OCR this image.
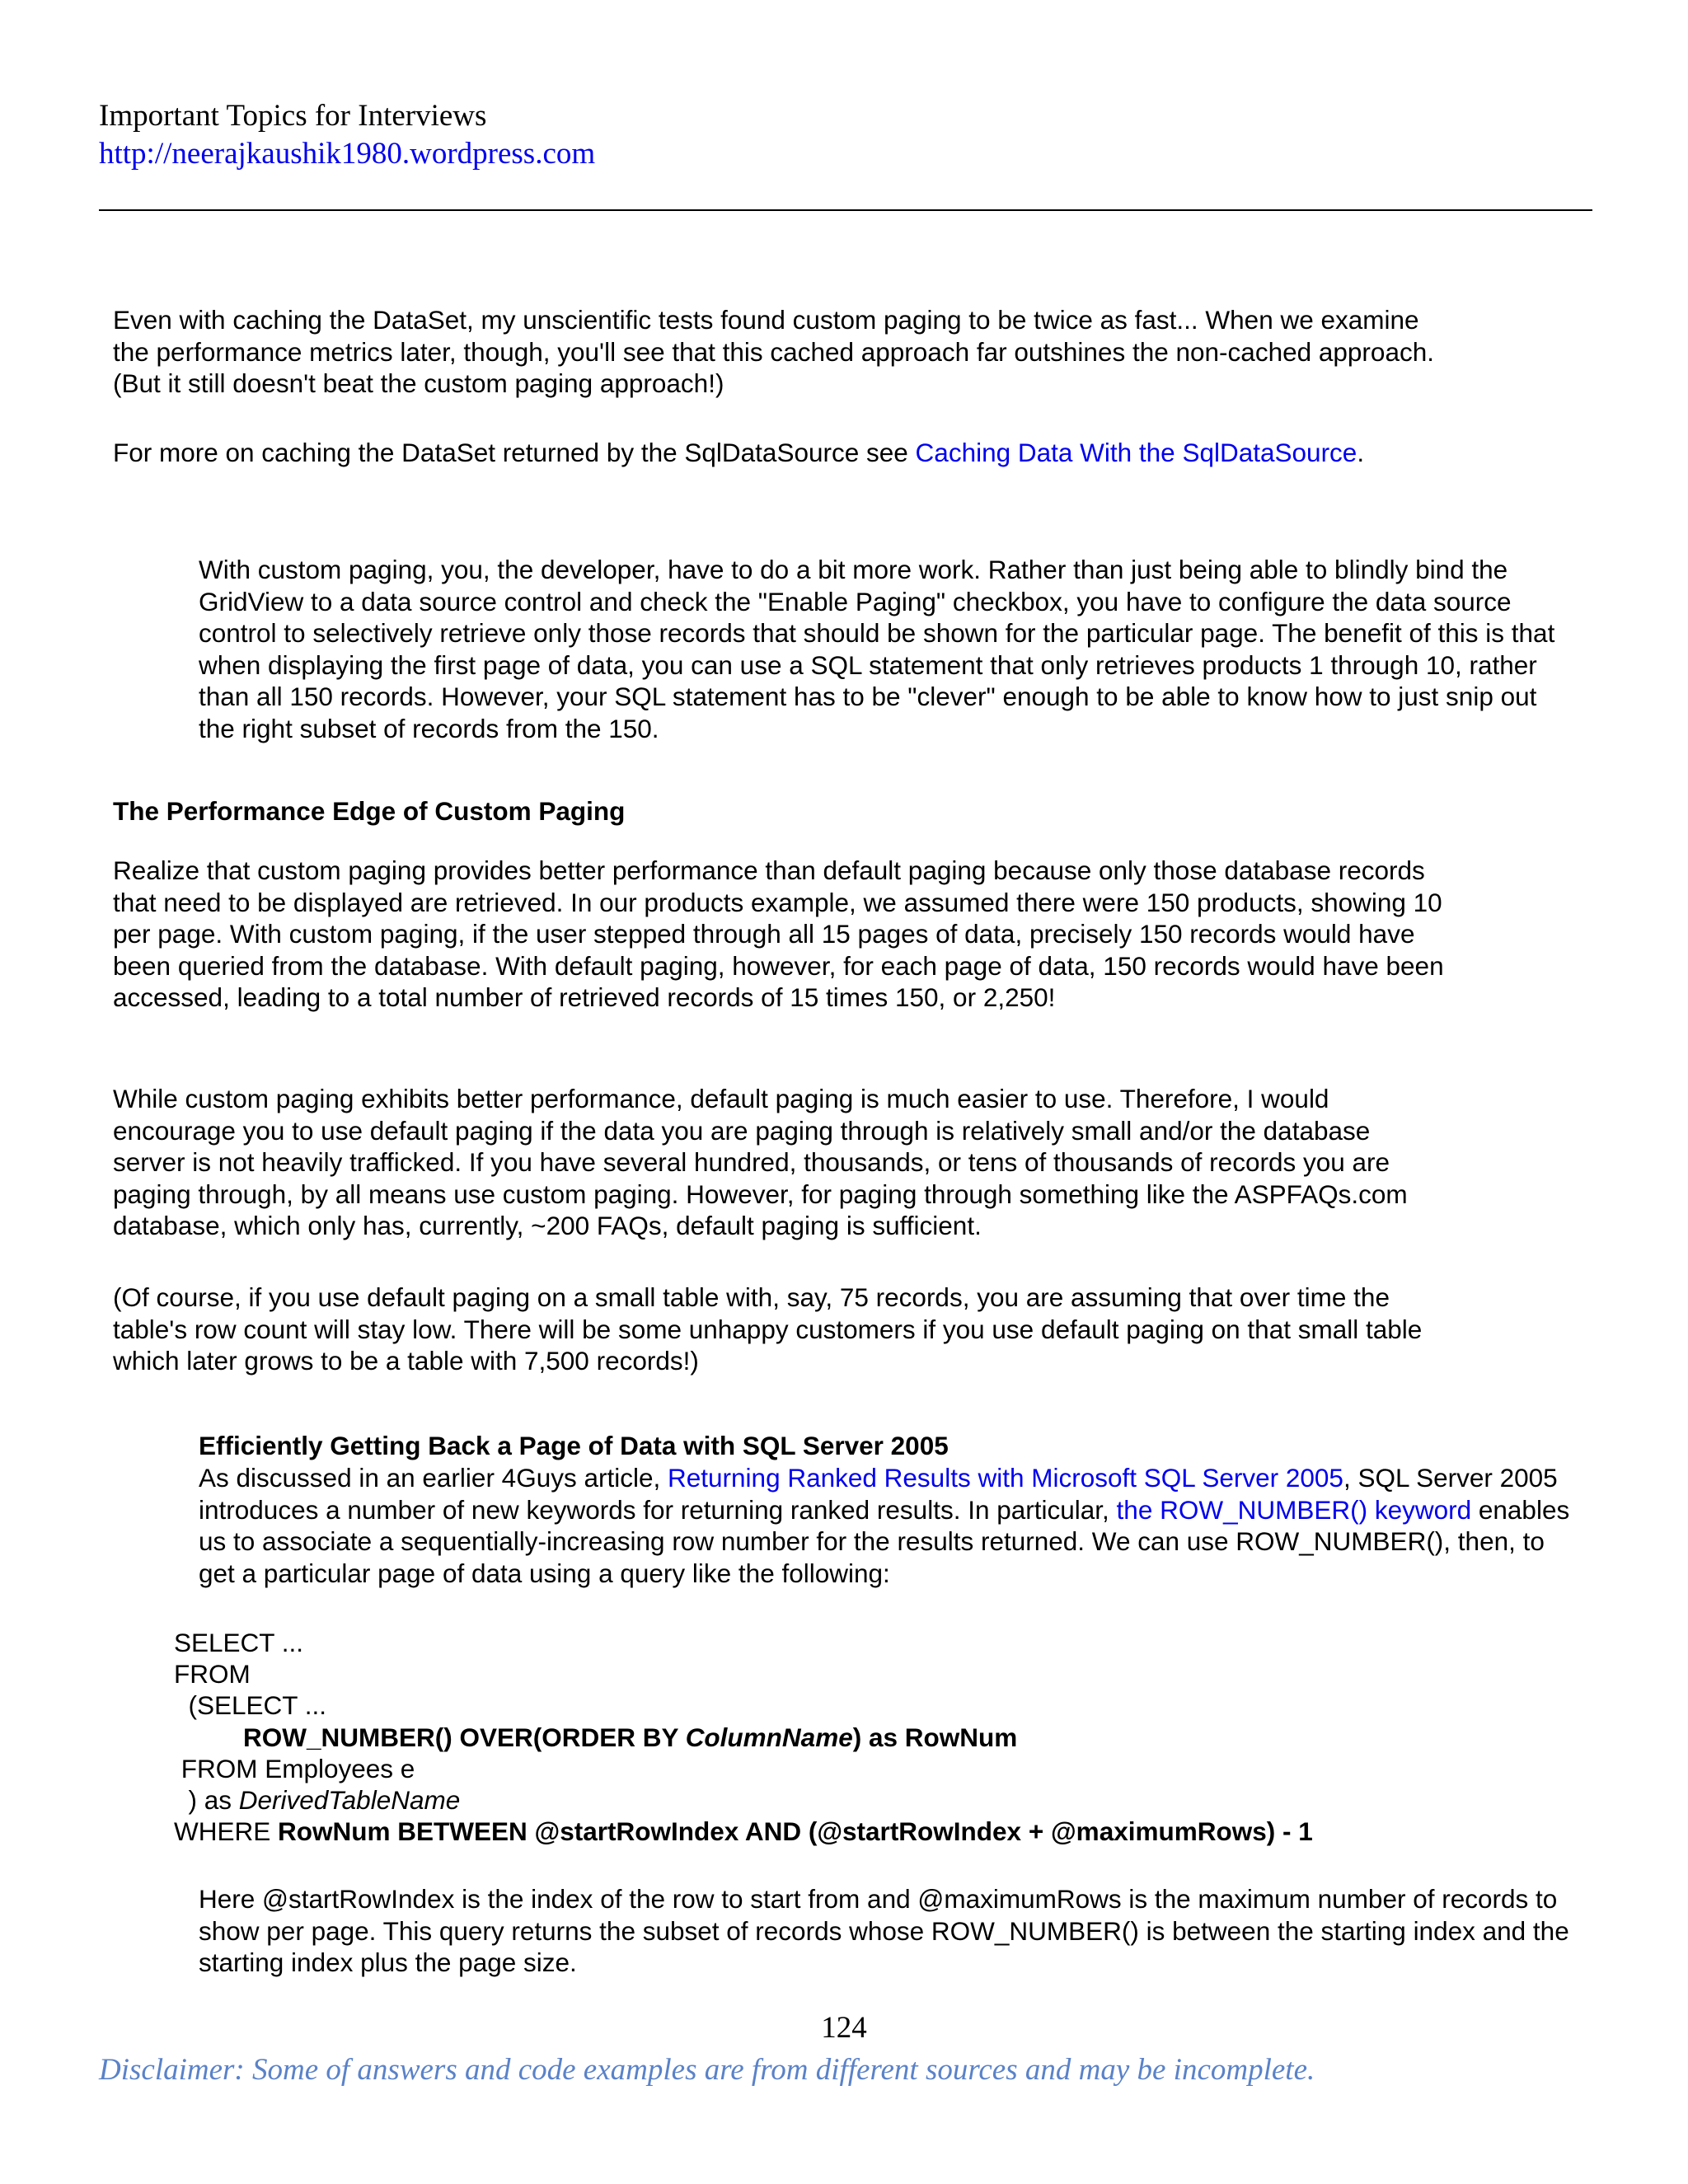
Important Topics for Interviews
http://neerajkaushik1980.wordpress.com

Even with caching the DataSet, my unscientific tests found custom paging to be twice as fast... When we examine the performance metrics later, though, you'll see that this cached approach far outshines the non-cached approach. (But it still doesn't beat the custom paging approach!)

For more on caching the DataSet returned by the SqlDataSource see Caching Data With the SqlDataSource.

With custom paging, you, the developer, have to do a bit more work. Rather than just being able to blindly bind the GridView to a data source control and check the "Enable Paging" checkbox, you have to configure the data source control to selectively retrieve only those records that should be shown for the particular page. The benefit of this is that when displaying the first page of data, you can use a SQL statement that only retrieves products 1 through 10, rather than all 150 records. However, your SQL statement has to be "clever" enough to be able to know how to just snip out the right subset of records from the 150.

The Performance Edge of Custom Paging

Realize that custom paging provides better performance than default paging because only those database records that need to be displayed are retrieved. In our products example, we assumed there were 150 products, showing 10 per page. With custom paging, if the user stepped through all 15 pages of data, precisely 150 records would have been queried from the database. With default paging, however, for each page of data, 150 records would have been accessed, leading to a total number of retrieved records of 15 times 150, or 2,250!

While custom paging exhibits better performance, default paging is much easier to use. Therefore, I would encourage you to use default paging if the data you are paging through is relatively small and/or the database server is not heavily trafficked. If you have several hundred, thousands, or tens of thousands of records you are paging through, by all means use custom paging. However, for paging through something like the ASPFAQs.com database, which only has, currently, ~200 FAQs, default paging is sufficient.

(Of course, if you use default paging on a small table with, say, 75 records, you are assuming that over time the table's row count will stay low. There will be some unhappy customers if you use default paging on that small table which later grows to be a table with 7,500 records!)

Efficiently Getting Back a Page of Data with SQL Server 2005

As discussed in an earlier 4Guys article, Returning Ranked Results with Microsoft SQL Server 2005, SQL Server 2005 introduces a number of new keywords for returning ranked results. In particular, the ROW_NUMBER() keyword enables us to associate a sequentially-increasing row number for the results returned. We can use ROW_NUMBER(), then, to get a particular page of data using a query like the following:

SELECT ...
FROM
(SELECT ...
ROW_NUMBER() OVER(ORDER BY ColumnName) as RowNum
FROM Employees e
) as DerivedTableName
WHERE RowNum BETWEEN @startRowIndex AND (@startRowIndex + @maximumRows) - 1

Here @startRowIndex is the index of the row to start from and @maximumRows is the maximum number of records to show per page. This query returns the subset of records whose ROW_NUMBER() is between the starting index and the starting index plus the page size.

124
Disclaimer: Some of answers and code examples are from different sources and may be incomplete.
